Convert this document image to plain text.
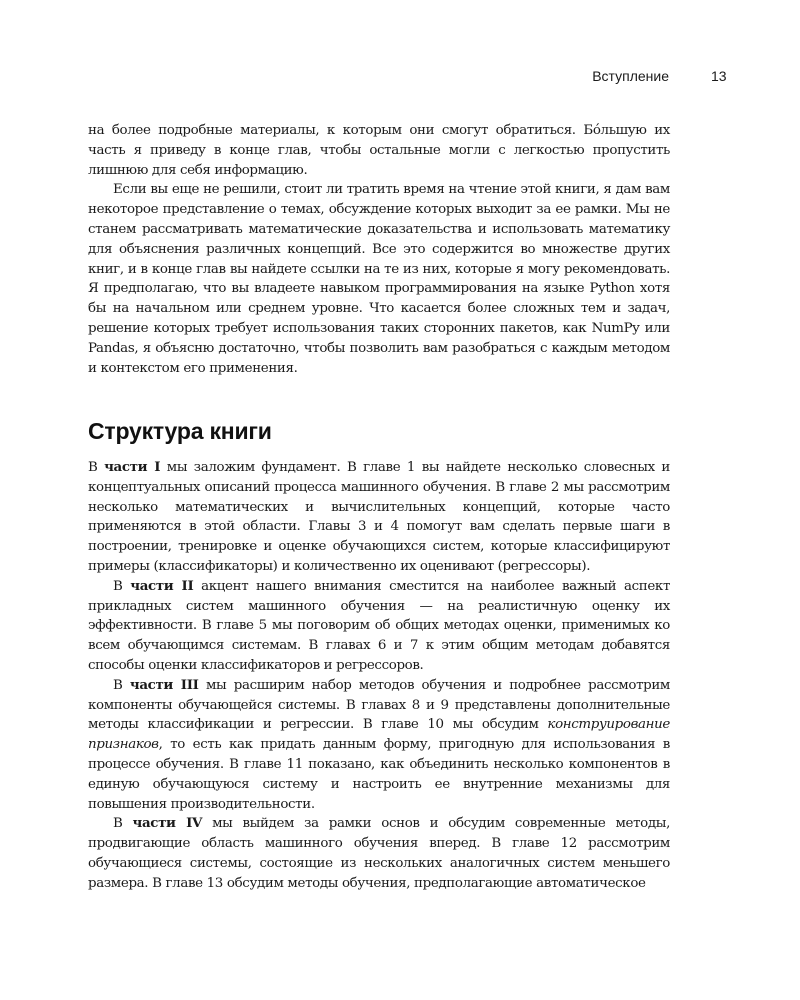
Вступление	13

на более подробные материалы, к которым они смогут обратиться. Бóльшую их часть я приведу в конце глав, чтобы остальные могли с легкостью пропустить лишнюю для себя информацию.

Если вы еще не решили, стоит ли тратить время на чтение этой книги, я дам вам некоторое представление о темах, обсуждение которых выходит за ее рамки. Мы не станем рассматривать математические доказательства и использовать математику для объяснения различных концепций. Все это содержится во множестве других книг, и в конце глав вы найдете ссылки на те из них, которые я могу рекомендовать. Я предполагаю, что вы владеете навыком программирования на языке Python хотя бы на начальном или среднем уровне. Что касается более сложных тем и задач, решение которых требует использования таких сторонних пакетов, как NumPy или Pandas, я объясню достаточно, чтобы позволить вам разобраться с каждым методом и контекстом его применения.

Структура книги

В части I мы заложим фундамент. В главе 1 вы найдете несколько словесных и концептуальных описаний процесса машинного обучения. В главе 2 мы рассмотрим несколько математических и вычислительных концепций, которые часто применяются в этой области. Главы 3 и 4 помогут вам сделать первые шаги в построении, тренировке и оценке обучающихся систем, которые классифицируют примеры (классификаторы) и количественно их оценивают (регрессоры).

В части II акцент нашего внимания сместится на наиболее важный аспект прикладных систем машинного обучения — на реалистичную оценку их эффективности. В главе 5 мы поговорим об общих методах оценки, применимых ко всем обучающимся системам. В главах 6 и 7 к этим общим методам добавятся способы оценки классификаторов и регрессоров.

В части III мы расширим набор методов обучения и подробнее рассмотрим компоненты обучающейся системы. В главах 8 и 9 представлены дополнительные методы классификации и регрессии. В главе 10 мы обсудим конструирование признаков, то есть как придать данным форму, пригодную для использования в процессе обучения. В главе 11 показано, как объединить несколько компонентов в единую обучающуюся систему и настроить ее внутренние механизмы для повышения производительности.

В части IV мы выйдем за рамки основ и обсудим современные методы, продвигающие область машинного обучения вперед. В главе 12 рассмотрим обучающиеся системы, состоящие из нескольких аналогичных систем меньшего размера. В главе 13 обсудим методы обучения, предполагающие автоматическое
